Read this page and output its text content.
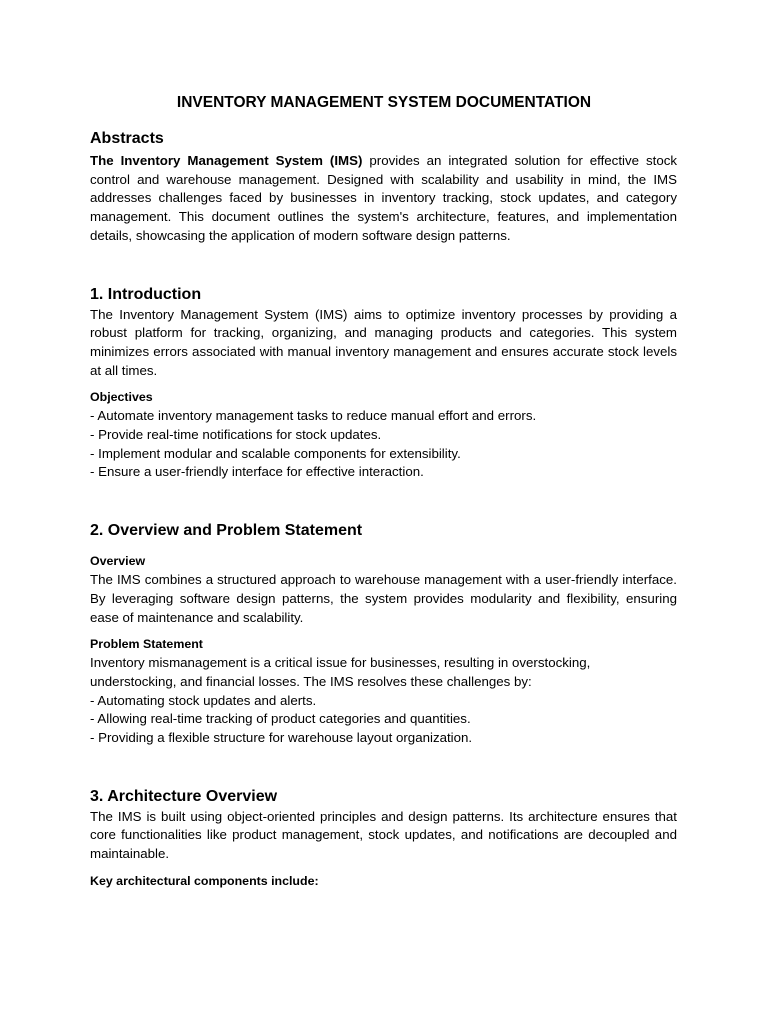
INVENTORY MANAGEMENT SYSTEM DOCUMENTATION
Abstracts

The Inventory Management System (IMS) provides an integrated solution for effective stock control and warehouse management. Designed with scalability and usability in mind, the IMS addresses challenges faced by businesses in inventory tracking, stock updates, and category management. This document outlines the system's architecture, features, and implementation details, showcasing the application of modern software design patterns.

1. Introduction

The Inventory Management System (IMS) aims to optimize inventory processes by providing a robust platform for tracking, organizing, and managing products and categories. This system minimizes errors associated with manual inventory management and ensures accurate stock levels at all times.

Objectives
- Automate inventory management tasks to reduce manual effort and errors.
- Provide real-time notifications for stock updates.
- Implement modular and scalable components for extensibility.
- Ensure a user-friendly interface for effective interaction.
2. Overview and Problem Statement
Overview

The IMS combines a structured approach to warehouse management with a user-friendly interface. By leveraging software design patterns, the system provides modularity and flexibility, ensuring ease of maintenance and scalability.

Problem Statement
Inventory mismanagement is a critical issue for businesses, resulting in overstocking,
understocking, and financial losses. The IMS resolves these challenges by:
- Automating stock updates and alerts.
- Allowing real-time tracking of product categories and quantities.
- Providing a flexible structure for warehouse layout organization.
3. Architecture Overview

The IMS is built using object-oriented principles and design patterns. Its architecture ensures that core functionalities like product management, stock updates, and notifications are decoupled and maintainable.

Key architectural components include:
